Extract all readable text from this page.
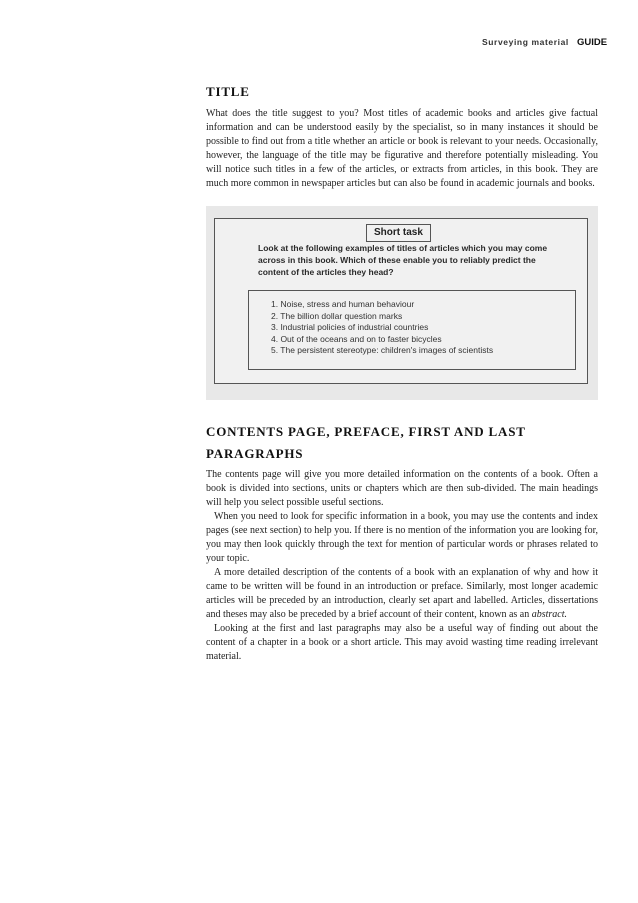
Surveying material GUIDE
TITLE

What does the title suggest to you? Most titles of academic books and articles give factual information and can be understood easily by the specialist, so in many instances it should be possible to find out from a title whether an article or book is relevant to your needs. Occasionally, however, the language of the title may be figurative and therefore potentially misleading. You will notice such titles in a few of the articles, or extracts from articles, in this book. They are much more common in newspaper articles but can also be found in academic journals and books.

Short task

Look at the following examples of titles of articles which you may come across in this book. Which of these enable you to reliably predict the content of the articles they head?

1. Noise, stress and human behaviour
2. The billion dollar question marks
3. Industrial policies of industrial countries
4. Out of the oceans and on to faster bicycles
5. The persistent stereotype: children's images of scientists
CONTENTS PAGE, PREFACE, FIRST AND LAST
PARAGRAPHS

The contents page will give you more detailed information on the contents of a book. Often a book is divided into sections, units or chapters which are then sub-divided. The main headings will help you select possible useful sections.

When you need to look for specific information in a book, you may use the contents and index pages (see next section) to help you. If there is no mention of the information you are looking for, you may then look quickly through the text for mention of particular words or phrases related to your topic.

A more detailed description of the contents of a book with an explanation of why and how it came to be written will be found in an introduction or preface. Similarly, most longer academic articles will be preceded by an introduction, clearly set apart and labelled. Articles, dissertations and theses may also be preceded by a brief account of their content, known as an abstract.

Looking at the first and last paragraphs may also be a useful way of finding out about the content of a chapter in a book or a short article. This may avoid wasting time reading irrelevant material.
